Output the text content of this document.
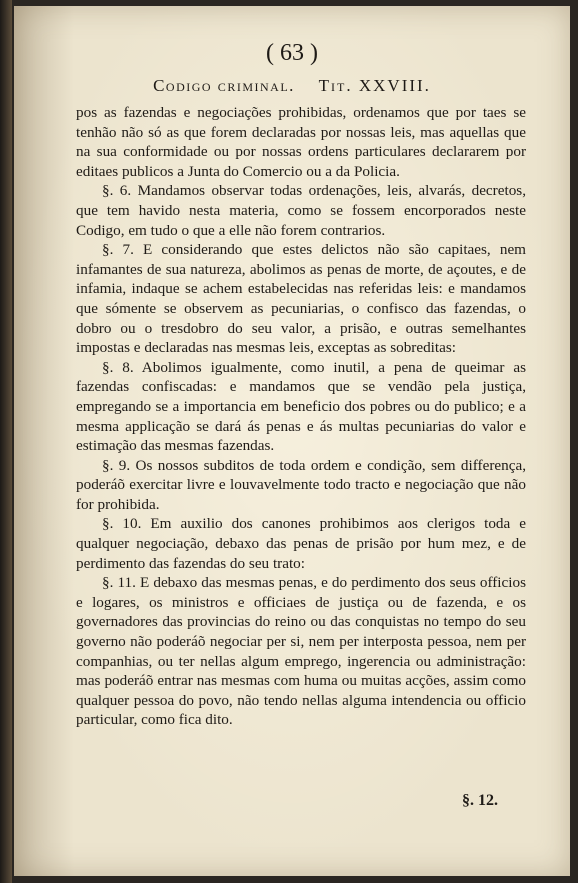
( 63 )
Codigo criminal. Tit. XXVIII.

pos as fazendas e negociações prohibidas, ordenamos que por taes se tenhão não só as que forem declaradas por nossas leis, mas aquellas que na sua conformidade ou por nossas ordens particulares declararem por editaes publicos a Junta do Comercio ou a da Policia.

§. 6. Mandamos observar todas ordenações, leis, alvarás, decretos, que tem havido nesta materia, como se fossem encorporados neste Codigo, em tudo o que a elle não forem contrarios.

§. 7. E considerando que estes delictos não são capitaes, nem infamantes de sua natureza, abolimos as penas de morte, de açoutes, e de infamia, indaque se achem estabelecidas nas referidas leis: e mandamos que sómente se observem as pecuniarias, o confisco das fazendas, o dobro ou o tresdobro do seu valor, a prisão, e outras semelhantes impostas e declaradas nas mesmas leis, exceptas as sobreditas:

§. 8. Abolimos igualmente, como inutil, a pena de queimar as fazendas confiscadas: e mandamos que se vendão pela justiça, empregando se a importancia em beneficio dos pobres ou do publico; e a mesma applicação se dará ás penas e ás multas pecuniarias do valor e estimação das mesmas fazendas.

§. 9. Os nossos subditos de toda ordem e condição, sem differença, poderáõ exercitar livre e louvavelmente todo tracto e negociação que não for prohibida.

§. 10. Em auxilio dos canones prohibimos aos clerigos toda e qualquer negociação, debaxo das penas de prisão por hum mez, e de perdimento das fazendas do seu trato:

§. 11. E debaxo das mesmas penas, e do perdimento dos seus officios e logares, os ministros e officiaes de justiça ou de fazenda, e os governadores das provincias do reino ou das conquistas no tempo do seu governo não poderáõ negociar per si, nem per interposta pessoa, nem per companhias, ou ter nellas algum emprego, ingerencia ou administração: mas poderáõ entrar nas mesmas com huma ou muitas acções, assim como qualquer pessoa do povo, não tendo nellas alguma intendencia ou officio particular, como fica dito.

§. 12.
